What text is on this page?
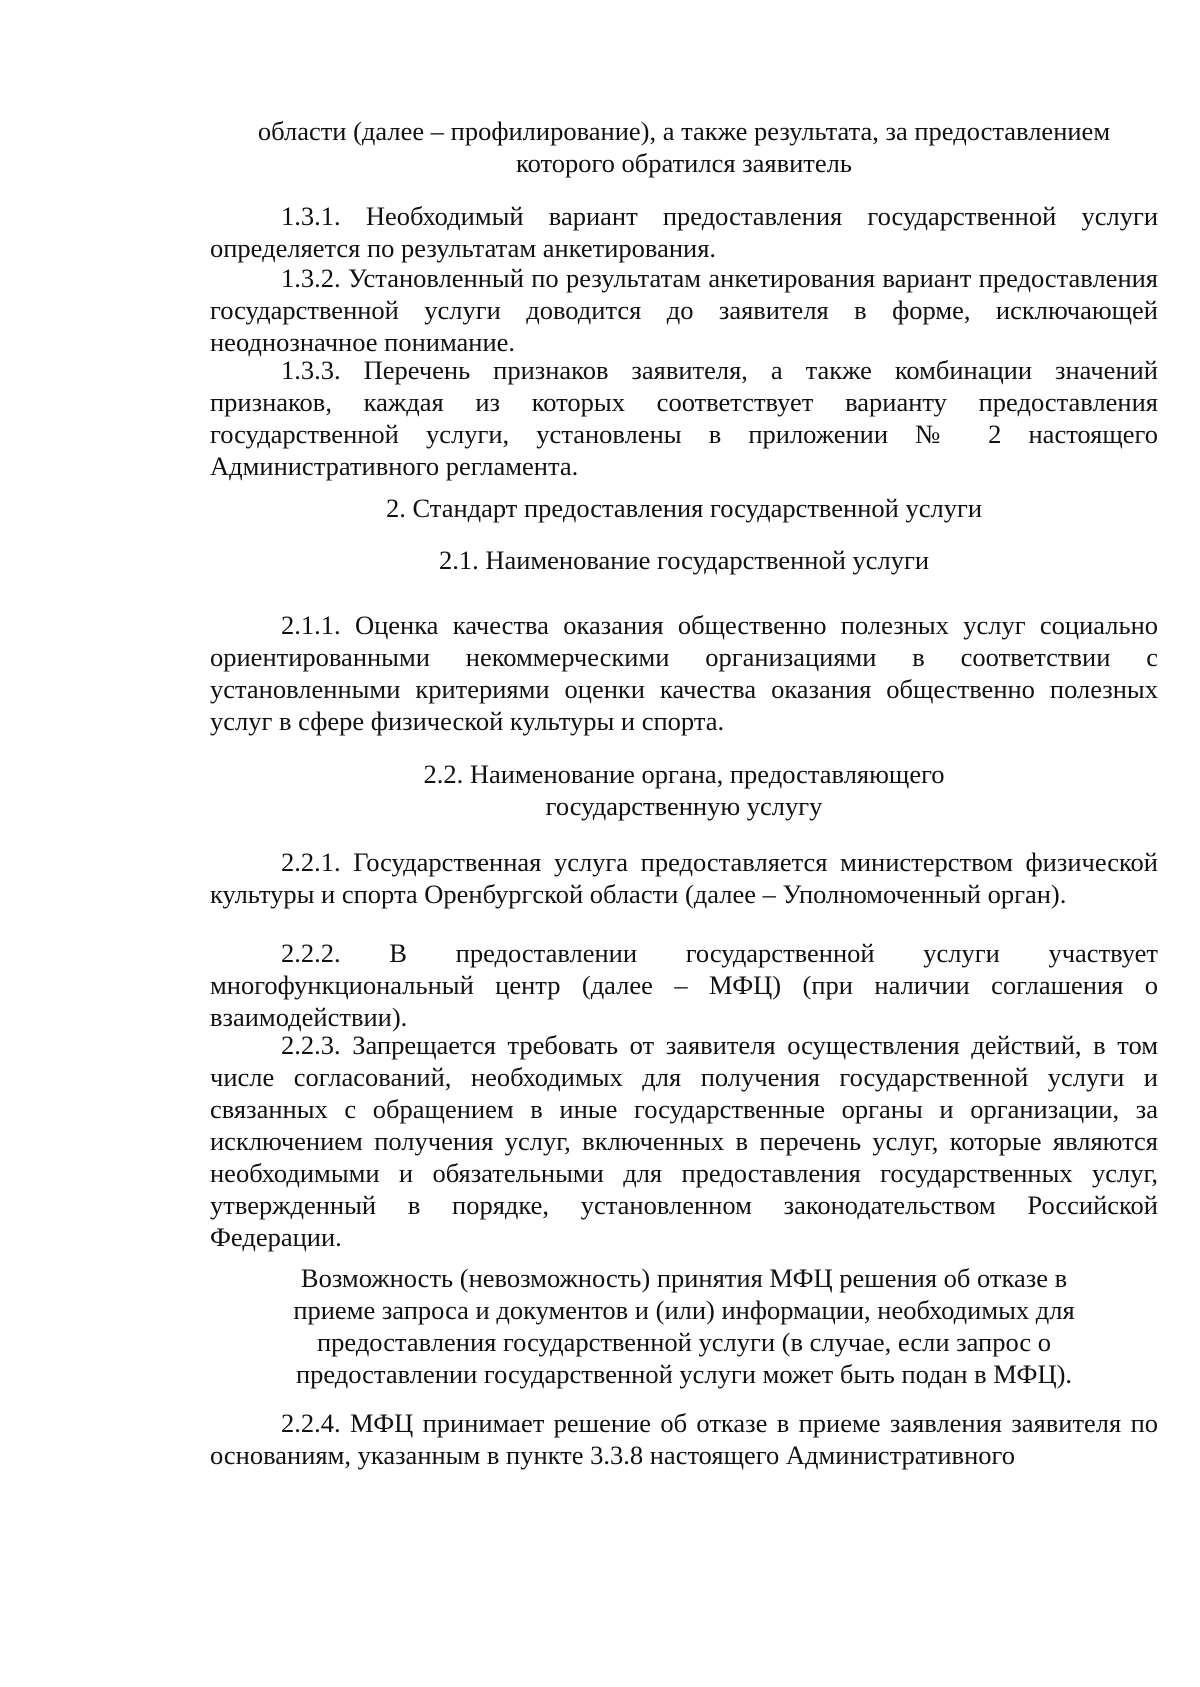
области (далее – профилирование), а также результата, за предоставлением
которого обратился заявитель

1.3.1. Необходимый вариант предоставления государственной услуги определяется по результатам анкетирования.

1.3.2. Установленный по результатам анкетирования вариант предоставления государственной услуги доводится до заявителя в форме, исключающей неоднозначное понимание.

1.3.3. Перечень признаков заявителя, а также комбинации значений признаков, каждая из которых соответствует варианту предоставления государственной услуги, установлены в приложении № 2 настоящего Административного регламента.

2. Стандарт предоставления государственной услуги

2.1. Наименование государственной услуги

2.1.1. Оценка качества оказания общественно полезных услуг социально ориентированными некоммерческими организациями в соответствии с установленными критериями оценки качества оказания общественно полезных услуг в сфере физической культуры и спорта.

2.2. Наименование органа, предоставляющего
государственную услугу

2.2.1. Государственная услуга предоставляется министерством физической культуры и спорта Оренбургской области (далее – Уполномоченный орган).

2.2.2. В предоставлении государственной услуги участвует многофункциональный центр (далее – МФЦ) (при наличии соглашения о взаимодействии).

2.2.3. Запрещается требовать от заявителя осуществления действий, в том числе согласований, необходимых для получения государственной услуги и связанных с обращением в иные государственные органы и организации, за исключением получения услуг, включенных в перечень услуг, которые являются необходимыми и обязательными для предоставления государственных услуг, утвержденный в порядке, установленном законодательством Российской Федерации.

Возможность (невозможность) принятия МФЦ решения об отказе в
приеме запроса и документов и (или) информации, необходимых для
предоставления государственной услуги (в случае, если запрос о
предоставлении государственной услуги может быть подан в МФЦ).

2.2.4. МФЦ принимает решение об отказе в приеме заявления заявителя по основаниям, указанным в пункте 3.3.8 настоящего Административного
